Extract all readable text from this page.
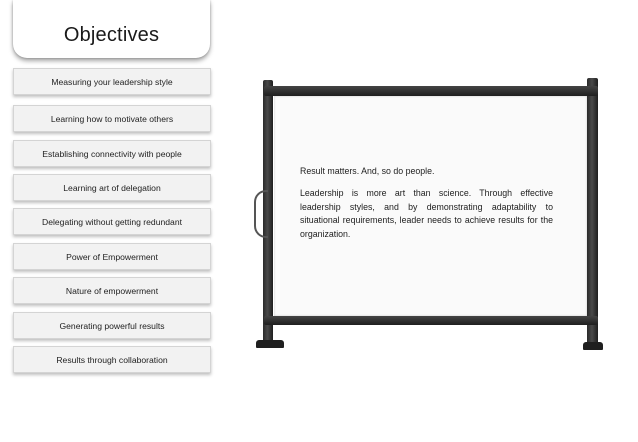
Objectives
Measuring your leadership style
Learning how to motivate others
Establishing connectivity with people
Learning art of delegation
Delegating without getting redundant
Power of Empowerment
Nature of empowerment
Generating powerful results
Results through collaboration

Result matters. And, so do people.

Leadership is more art than science. Through effective leadership styles, and by demonstrating adaptability to situational requirements, leader needs to achieve results for the organization.
